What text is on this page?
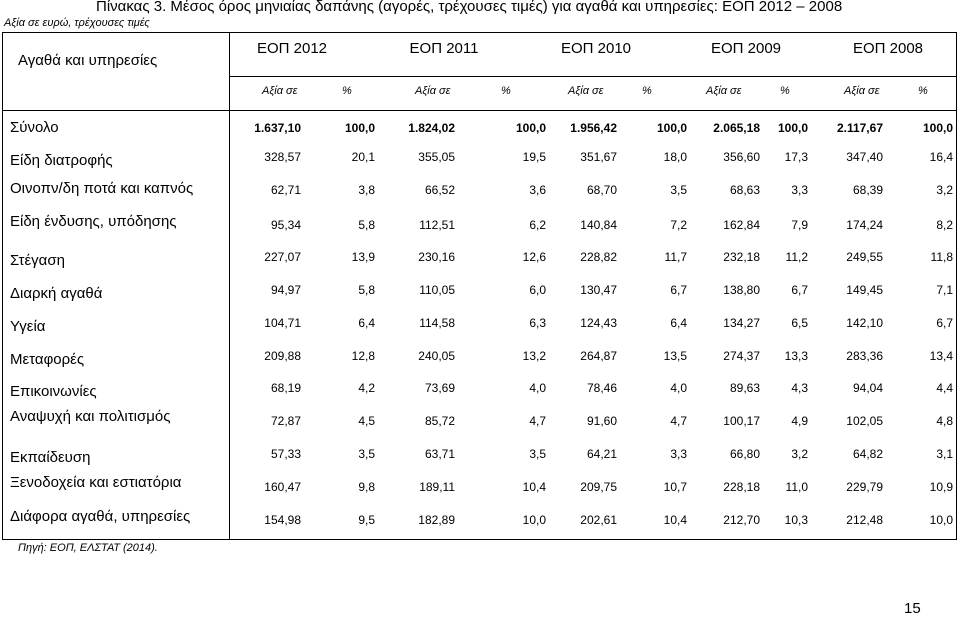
Πίνακας 3. Μέσος όρος μηνιαίας δαπάνης (αγορές, τρέχουσες τιμές) για αγαθά και υπηρεσίες: ΕΟΠ 2012 – 2008
Αξία σε ευρώ, τρέχουσες τιμές
Αγαθά και υπηρεσίες
Πηγή: ΕΟΠ, ΕΛΣΤΑΤ (2014).
15
ΕΟΠ 2012	ΕΟΠ 2011	ΕΟΠ 2010	ΕΟΠ 2009	ΕΟΠ 2008
Αξία σε	%	Αξία σε	%	Αξία σε	%	Αξία σε	%	Αξία σε	%
Σύνολο	1.637,10	100,0	1.824,02	100,0	1.956,42	100,0	2.065,18	100,0	2.117,67	100,0
Είδη διατροφής	328,57	20,1	355,05	19,5	351,67	18,0	356,60	17,3	347,40	16,4
Οινοπν/δη ποτά και καπνός	62,71	3,8	66,52	3,6	68,70	3,5	68,63	3,3	68,39	3,2
Είδη ένδυσης, υπόδησης	95,34	5,8	112,51	6,2	140,84	7,2	162,84	7,9	174,24	8,2
Στέγαση	227,07	13,9	230,16	12,6	228,82	11,7	232,18	11,2	249,55	11,8
Διαρκή αγαθά	94,97	5,8	110,05	6,0	130,47	6,7	138,80	6,7	149,45	7,1
Υγεία	104,71	6,4	114,58	6,3	124,43	6,4	134,27	6,5	142,10	6,7
Μεταφορές	209,88	12,8	240,05	13,2	264,87	13,5	274,37	13,3	283,36	13,4
Επικοινωνίες	68,19	4,2	73,69	4,0	78,46	4,0	89,63	4,3	94,04	4,4
Αναψυχή και πολιτισμός	72,87	4,5	85,72	4,7	91,60	4,7	100,17	4,9	102,05	4,8
Εκπαίδευση	57,33	3,5	63,71	3,5	64,21	3,3	66,80	3,2	64,82	3,1
Ξενοδοχεία και εστιατόρια	160,47	9,8	189,11	10,4	209,75	10,7	228,18	11,0	229,79	10,9
Διάφορα αγαθά, υπηρεσίες	154,98	9,5	182,89	10,0	202,61	10,4	212,70	10,3	212,48	10,0
